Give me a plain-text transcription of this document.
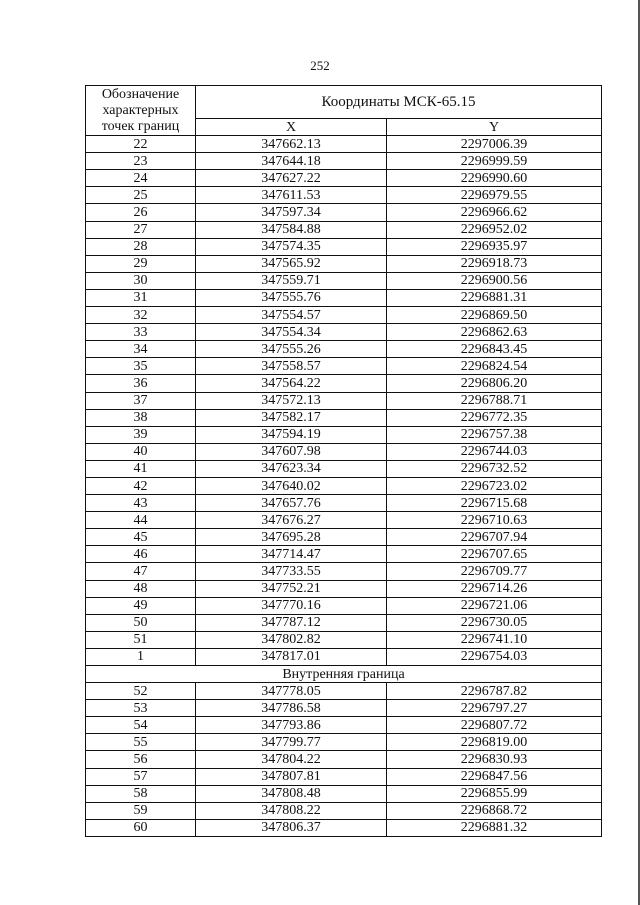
252
Обозначение характерных точек границ	Координаты МСК-65.15	
	X	Y
22	347662.13	2297006.39
23	347644.18	2296999.59
24	347627.22	2296990.60
25	347611.53	2296979.55
26	347597.34	2296966.62
27	347584.88	2296952.02
28	347574.35	2296935.97
29	347565.92	2296918.73
30	347559.71	2296900.56
31	347555.76	2296881.31
32	347554.57	2296869.50
33	347554.34	2296862.63
34	347555.26	2296843.45
35	347558.57	2296824.54
36	347564.22	2296806.20
37	347572.13	2296788.71
38	347582.17	2296772.35
39	347594.19	2296757.38
40	347607.98	2296744.03
41	347623.34	2296732.52
42	347640.02	2296723.02
43	347657.76	2296715.68
44	347676.27	2296710.63
45	347695.28	2296707.94
46	347714.47	2296707.65
47	347733.55	2296709.77
48	347752.21	2296714.26
49	347770.16	2296721.06
50	347787.12	2296730.05
51	347802.82	2296741.10
1	347817.01	2296754.03
Внутренняя граница		
52	347778.05	2296787.82
53	347786.58	2296797.27
54	347793.86	2296807.72
55	347799.77	2296819.00
56	347804.22	2296830.93
57	347807.81	2296847.56
58	347808.48	2296855.99
59	347808.22	2296868.72
60	347806.37	2296881.32
